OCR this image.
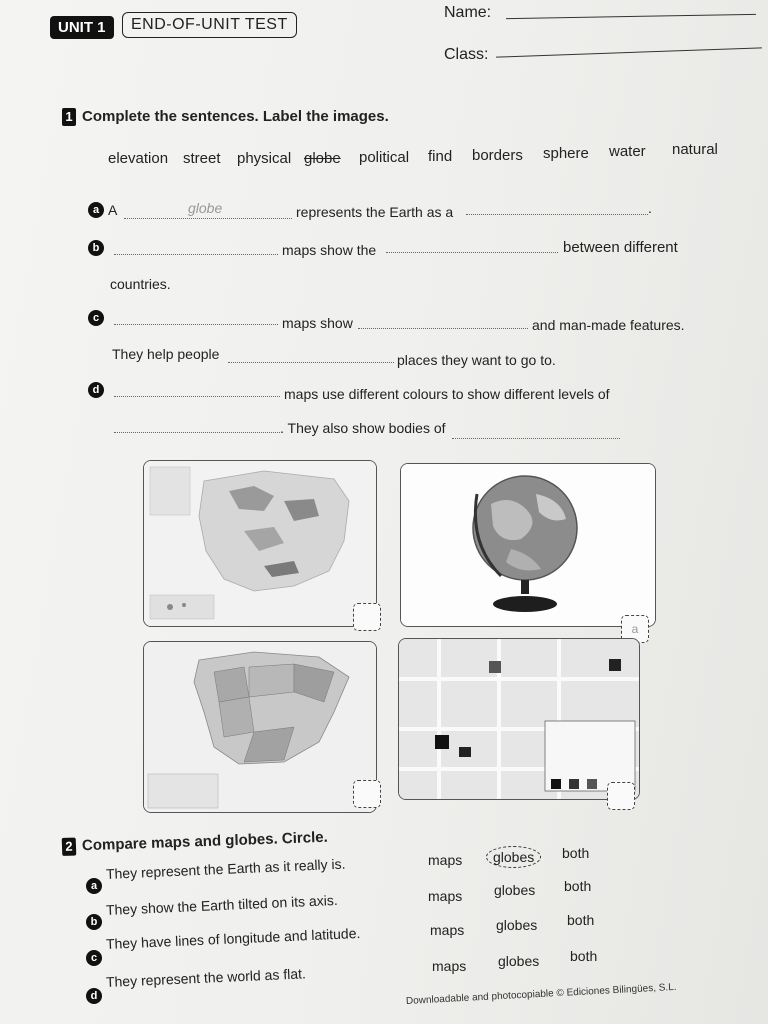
UNIT 1	END-OF-UNIT TEST
Name:
Class:
1 Complete the sentences. Label the images.
elevation street physical globe political find borders sphere water natural
a A	globe	represents the Earth as a	.
b	maps show the	between different
countries.
c	maps show	and man-made features.
They help people	places they want to go to.
d	maps use different colours to show different levels of
. They also show bodies of
a
2 Compare maps and globes. Circle.
a
They represent the Earth as it really is.	maps	globes	both
b
They show the Earth tilted on its axis.	maps globes both
c
They have lines of longitude and latitude.	maps globes both
d
They represent the world as flat.	maps globes both
Downloadable and photocopiable © Ediciones Bilingües, S.L.
